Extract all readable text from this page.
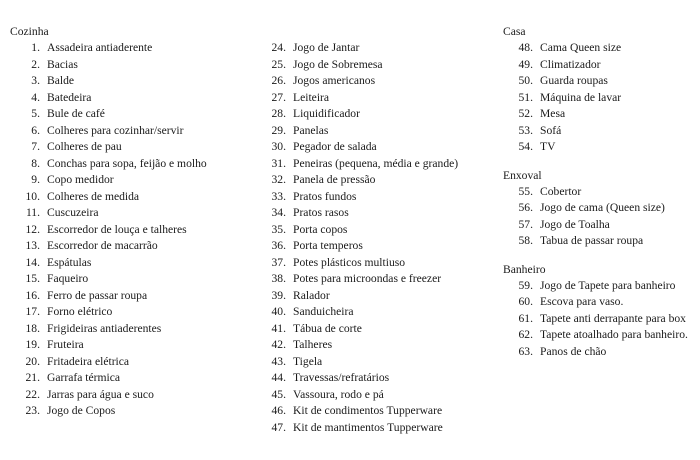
Cozinha
1. Assadeira antiaderente
2. Bacias
3. Balde
4. Batedeira
5. Bule de café
6. Colheres para cozinhar/servir
7. Colheres de pau
8. Conchas para sopa, feijão e molho
9. Copo medidor
10. Colheres de medida
11. Cuscuzeira
12. Escorredor de louça e talheres
13. Escorredor de macarrão
14. Espátulas
15. Faqueiro
16. Ferro de passar roupa
17. Forno elétrico
18. Frigideiras antiaderentes
19. Fruteira
20. Fritadeira elétrica
21. Garrafa térmica
22. Jarras para água e suco
23. Jogo de Copos
24. Jogo de Jantar
25. Jogo de Sobremesa
26. Jogos americanos
27. Leiteira
28. Liquidificador
29. Panelas
30. Pegador de salada
31. Peneiras (pequena, média e grande)
32. Panela de pressão
33. Pratos fundos
34. Pratos rasos
35. Porta copos
36. Porta temperos
37. Potes plásticos multiuso
38. Potes para microondas e freezer
39. Ralador
40. Sanduicheira
41. Tábua de corte
42. Talheres
43. Tigela
44. Travessas/refratários
45. Vassoura, rodo e pá
46. Kit de condimentos Tupperware
47. Kit de mantimentos Tupperware
Casa
48. Cama Queen size
49. Climatizador
50. Guarda roupas
51. Máquina de lavar
52. Mesa
53. Sofá
54. TV
Enxoval
55. Cobertor
56. Jogo de cama (Queen size)
57. Jogo de Toalha
58. Tabua de passar roupa
Banheiro
59. Jogo de Tapete para banheiro
60. Escova para vaso.
61. Tapete anti derrapante para box
62. Tapete atoalhado para banheiro.
63. Panos de chão
